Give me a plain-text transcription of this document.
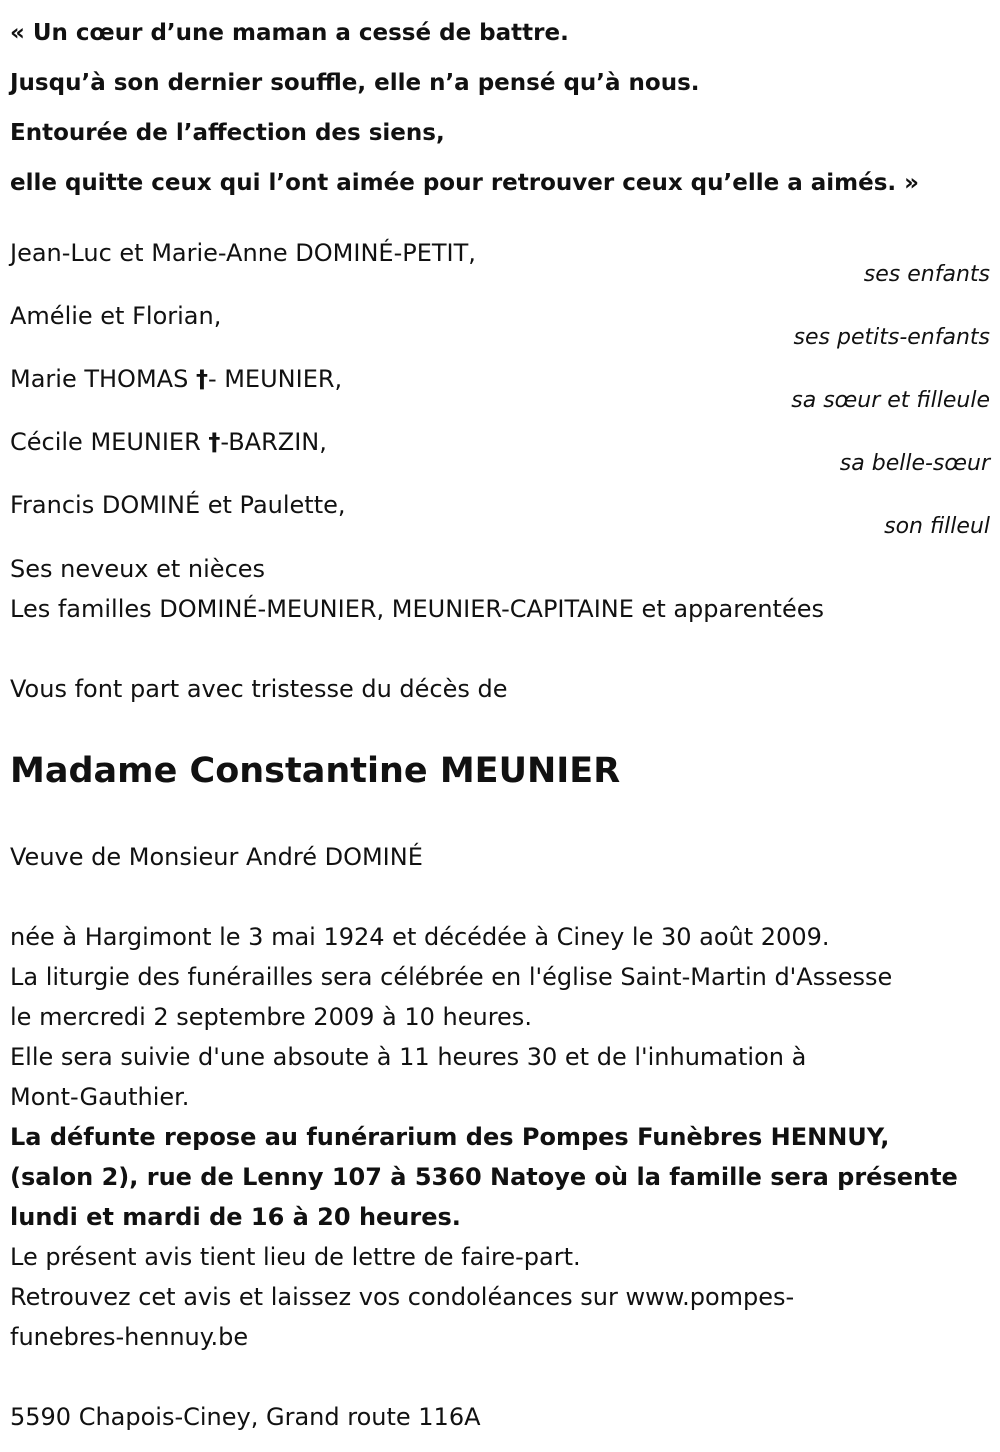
« Un cœur d’une maman a cessé de battre.
Jusqu’à son dernier souffle, elle n’a pensé qu’à nous.
Entourée de l’affection des siens,
elle quitte ceux qui l’ont aimée pour retrouver ceux qu’elle a aimés. »
Jean-Luc et Marie-Anne DOMINÉ-PETIT,
ses enfants
Amélie et Florian,
ses petits-enfants
Marie THOMAS †- MEUNIER,
sa sœur et filleule
Cécile MEUNIER †-BARZIN,
sa belle-sœur
Francis DOMINÉ et Paulette,
son filleul
Ses neveux et nièces
Les familles DOMINÉ-MEUNIER, MEUNIER-CAPITAINE et apparentées
Vous font part avec tristesse du décès de
Madame Constantine MEUNIER
Veuve de Monsieur André DOMINÉ
née à Hargimont le 3 mai 1924 et décédée à Ciney le 30 août 2009.
La liturgie des funérailles sera célébrée en l'église Saint-Martin d'Assesse
le mercredi 2 septembre 2009 à 10 heures.
Elle sera suivie d'une absoute à 11 heures 30 et de l'inhumation à
Mont-Gauthier.
La défunte repose au funérarium des Pompes Funèbres HENNUY,
(salon 2), rue de Lenny 107 à 5360 Natoye où la famille sera présente
lundi et mardi de 16 à 20 heures.
Le présent avis tient lieu de lettre de faire-part.
Retrouvez cet avis et laissez vos condoléances sur www.pompes-
funebres-hennuy.be
5590 Chapois-Ciney, Grand route 116A
